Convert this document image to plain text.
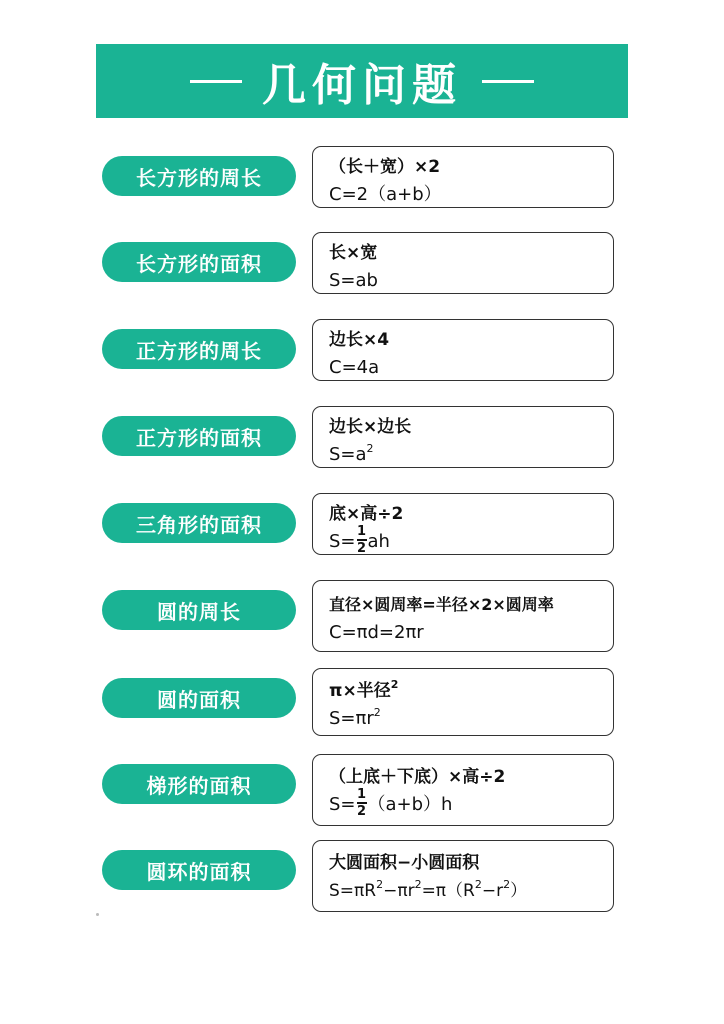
几何问题
长方形的周长	（长＋宽）×2
C=2（a+b）
长方形的面积	长×宽
S=ab
正方形的周长	边长×4
C=4a
正方形的面积	边长×边长
$S=a^2$
三角形的面积	底×高÷2
$S= \frac{1}{2}$ ah
圆的周长	直径×圆周率=半径×2×圆周率
C=πd=2πr
圆的面积	π×半径$^2$
$S=\pi r^2$
梯形的面积	（上底＋下底）×高÷2
$S= \frac{1}{2} (a+b)h$
圆环的面积	大圆面积−小圆面积
$S=\pi R^2-\pi r^2=\pi(R^2-r^2)$
